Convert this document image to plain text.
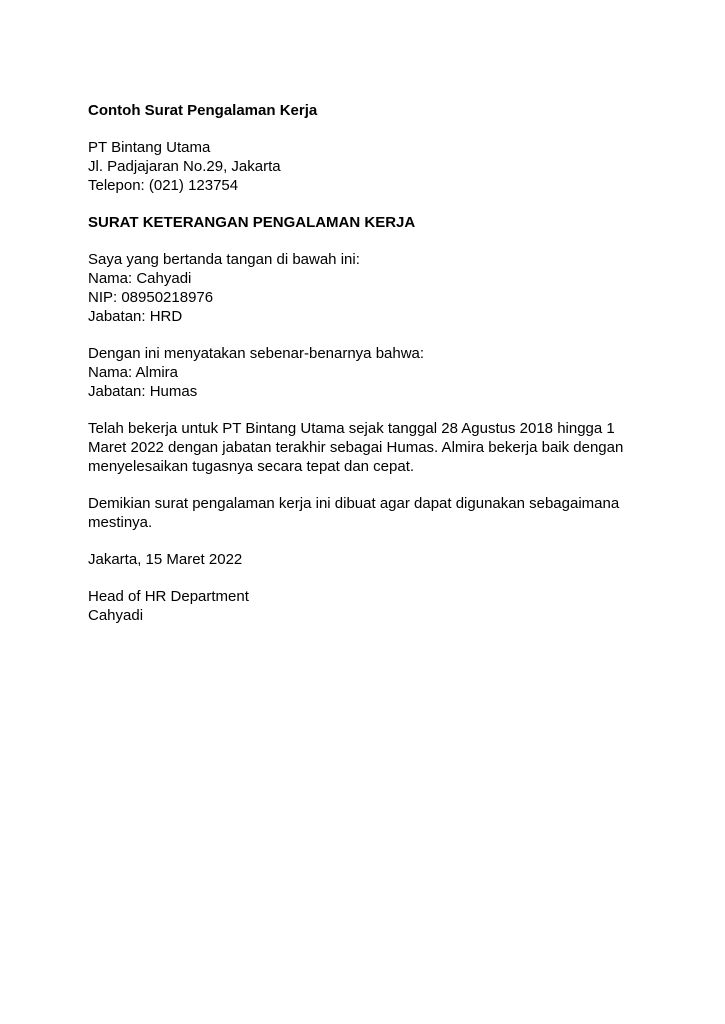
Contoh Surat Pengalaman Kerja
PT Bintang Utama
Jl. Padjajaran No.29, Jakarta
Telepon: (021) 123754
SURAT KETERANGAN PENGALAMAN KERJA
Saya yang bertanda tangan di bawah ini:
Nama: Cahyadi
NIP: 08950218976
Jabatan: HRD
Dengan ini menyatakan sebenar-benarnya bahwa:
Nama: Almira
Jabatan: Humas
Telah bekerja untuk PT Bintang Utama sejak tanggal 28 Agustus 2018 hingga 1
Maret 2022 dengan jabatan terakhir sebagai Humas. Almira bekerja baik dengan
menyelesaikan tugasnya secara tepat dan cepat.
Demikian surat pengalaman kerja ini dibuat agar dapat digunakan sebagaimana
mestinya.
Jakarta, 15 Maret 2022
Head of HR Department
Cahyadi
